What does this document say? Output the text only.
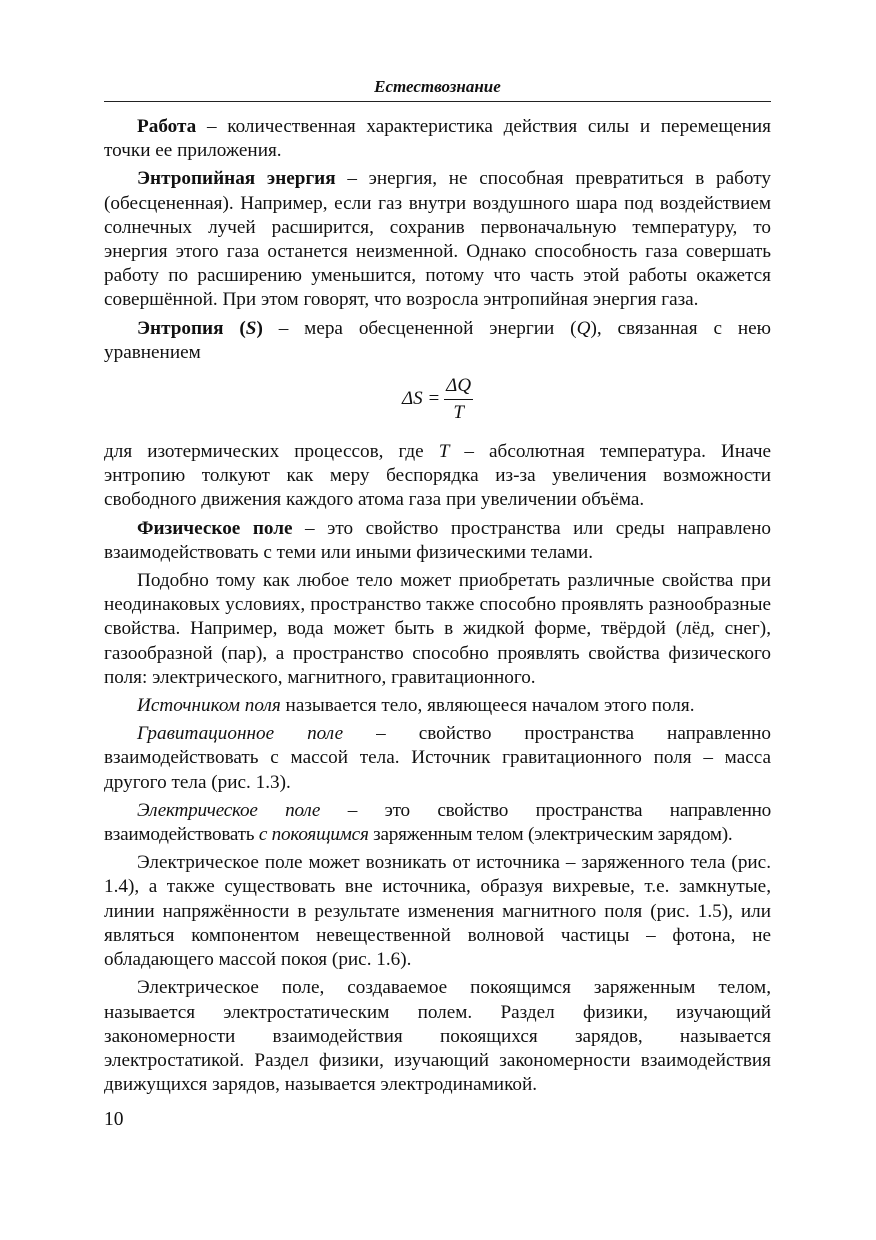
Естествознание

Работа – количественная характеристика действия силы и перемещения точки ее приложения.

Энтропийная энергия – энергия, не способная превратиться в работу (обесцененная). Например, если газ внутри воздушного шара под воздействием солнечных лучей расширится, сохранив первоначальную температуру, то энергия этого газа останется неизменной. Однако способность газа совершать работу по расширению уменьшится, потому что часть этой работы окажется совершённой. При этом говорят, что возросла энтропийная энергия газа.

Энтропия (S) – мера обесцененной энергии (Q), связанная с нею уравнением

$\Delta S = \frac{\Delta Q}{T}$

для изотермических процессов, где T – абсолютная температура. Иначе энтропию толкуют как меру беспорядка из-за увеличения возможности свободного движения каждого атома газа при увеличении объёма.

Физическое поле – это свойство пространства или среды направлено взаимодействовать с теми или иными физическими телами.

Подобно тому как любое тело может приобретать различные свойства при неодинаковых условиях, пространство также способно проявлять разнообразные свойства. Например, вода может быть в жидкой форме, твёрдой (лёд, снег), газообразной (пар), а пространство способно проявлять свойства физического поля: электрического, магнитного, гравитационного.

Источником поля называется тело, являющееся началом этого поля.

Гравитационное поле – свойство пространства направленно взаимодействовать с массой тела. Источник гравитационного поля – масса другого тела (рис. 1.3).

Электрическое поле – это свойство пространства направленно взаимодействовать с покоящимся заряженным телом (электрическим зарядом).

Электрическое поле может возникать от источника – заряженного тела (рис. 1.4), а также существовать вне источника, образуя вихревые, т.е. замкнутые, линии напряжённости в результате изменения магнитного поля (рис. 1.5), или являться компонентом невещественной волновой частицы – фотона, не обладающего массой покоя (рис. 1.6).

Электрическое поле, создаваемое покоящимся заряженным телом, называется электростатическим полем. Раздел физики, изучающий закономерности взаимодействия покоящихся зарядов, называется электростатикой. Раздел физики, изучающий закономерности взаимодействия движущихся зарядов, называется электродинамикой.

10
